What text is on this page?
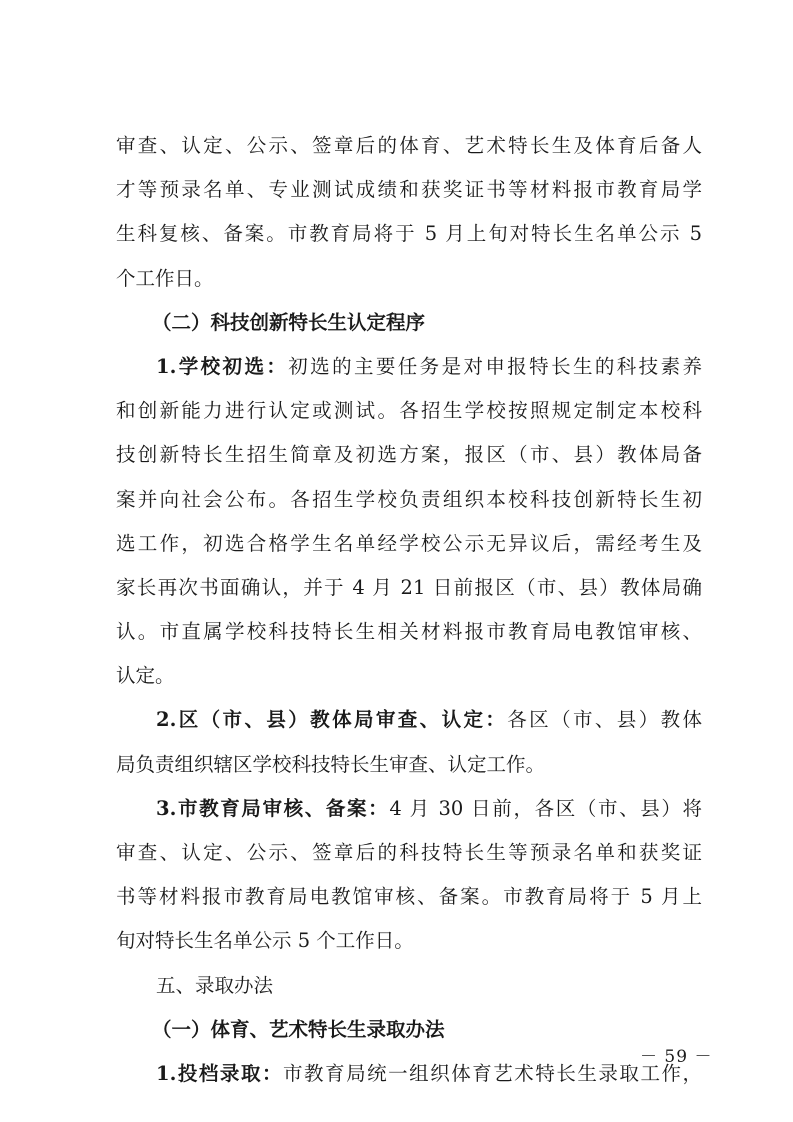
审查、认定、公示、签章后的体育、艺术特长生及体育后备人
才等预录名单、专业测试成绩和获奖证书等材料报市教育局学
生科复核、备案。市教育局将于 5 月上旬对特长生名单公示 5
个工作日。
（二）科技创新特长生认定程序
1.学校初选：初选的主要任务是对申报特长生的科技素养
和创新能力进行认定或测试。各招生学校按照规定制定本校科
技创新特长生招生简章及初选方案，报区（市、县）教体局备
案并向社会公布。各招生学校负责组织本校科技创新特长生初
选工作，初选合格学生名单经学校公示无异议后，需经考生及
家长再次书面确认，并于 4 月 21 日前报区（市、县）教体局确
认。市直属学校科技特长生相关材料报市教育局电教馆审核、
认定。
2.区（市、县）教体局审查、认定：各区（市、县）教体
局负责组织辖区学校科技特长生审查、认定工作。
3.市教育局审核、备案：4 月 30 日前，各区（市、县）将
审查、认定、公示、签章后的科技特长生等预录名单和获奖证
书等材料报市教育局电教馆审核、备案。市教育局将于 5 月上
旬对特长生名单公示 5 个工作日。
五、录取办法
（一）体育、艺术特长生录取办法
1.投档录取：市教育局统一组织体育艺术特长生录取工作，
－ 59 －
